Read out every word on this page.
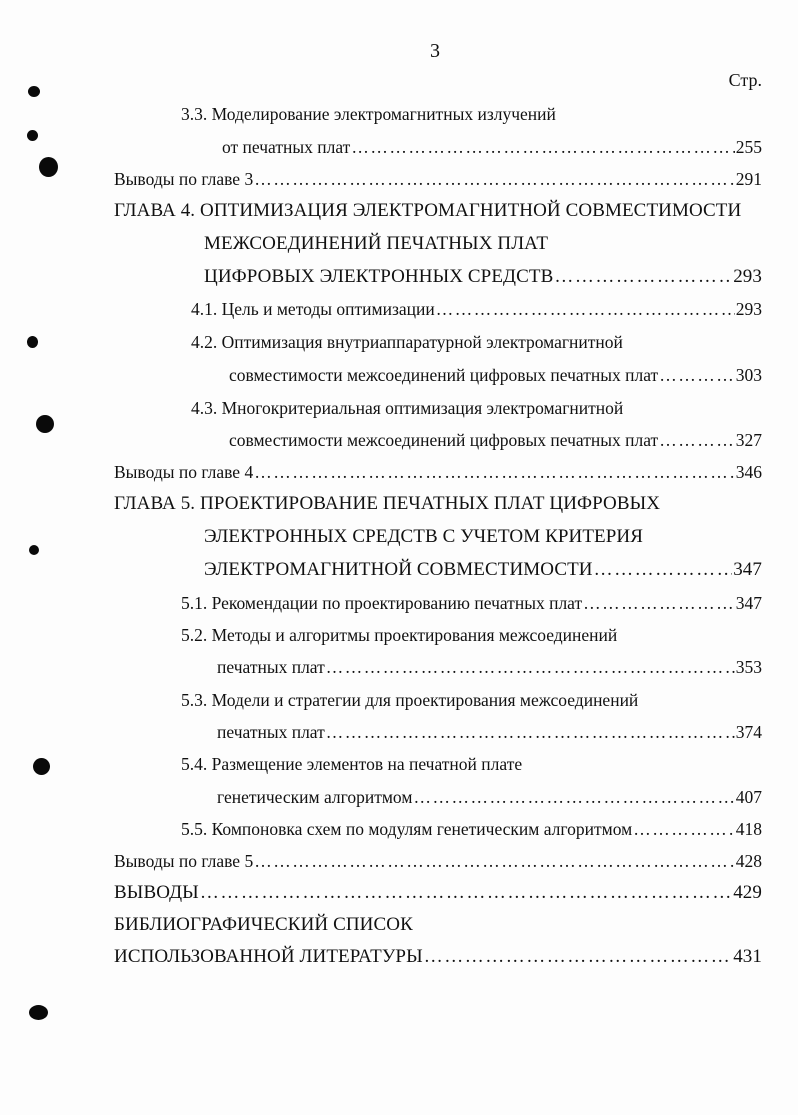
3
Стр.
3.3. Моделирование электромагнитных излучений
от печатных плат …………………………………………………………………………………………………………………………………………	255
Выводы по главе 3 …………………………………………………………………………………………………………………………………………	291
ГЛАВА 4. ОПТИМИЗАЦИЯ ЭЛЕКТРОМАГНИТНОЙ СОВМЕСТИМОСТИ
МЕЖСОЕДИНЕНИЙ ПЕЧАТНЫХ ПЛАТ
ЦИФРОВЫХ ЭЛЕКТРОННЫХ СРЕДСТВ …………………………………………………………………………………………………………………………………………	293
4.1. Цель и методы оптимизации …………………………………………………………………………………………………………………………………………	293
4.2. Оптимизация внутриаппаратурной электромагнитной
совместимости межсоединений цифровых печатных плат …………………………………………………………………………………………………………………………………………	303
4.3. Многокритериальная оптимизация электромагнитной
совместимости межсоединений цифровых печатных плат …………………………………………………………………………………………………………………………………………	327
Выводы по главе 4 …………………………………………………………………………………………………………………………………………	346
ГЛАВА 5. ПРОЕКТИРОВАНИЕ ПЕЧАТНЫХ ПЛАТ ЦИФРОВЫХ
ЭЛЕКТРОННЫХ СРЕДСТВ С УЧЕТОМ КРИТЕРИЯ
ЭЛЕКТРОМАГНИТНОЙ СОВМЕСТИМОСТИ …………………………………………………………………………………………………………………………………………	347
5.1. Рекомендации по проектированию печатных плат …………………………………………………………………………………………………………………………………………	347
5.2. Методы и алгоритмы проектирования межсоединений
печатных плат …………………………………………………………………………………………………………………………………………	353
5.3. Модели и стратегии для проектирования межсоединений
печатных плат …………………………………………………………………………………………………………………………………………	374
5.4. Размещение элементов на печатной плате
генетическим алгоритмом …………………………………………………………………………………………………………………………………………	407
5.5. Компоновка схем по модулям генетическим алгоритмом …………………………………………………………………………………………………………………………………………	418
Выводы по главе 5 …………………………………………………………………………………………………………………………………………	428
ВЫВОДЫ …………………………………………………………………………………………………………………………………………	429
БИБЛИОГРАФИЧЕСКИЙ СПИСОК
ИСПОЛЬЗОВАННОЙ ЛИТЕРАТУРЫ …………………………………………………………………………………………………………………………………………	431
